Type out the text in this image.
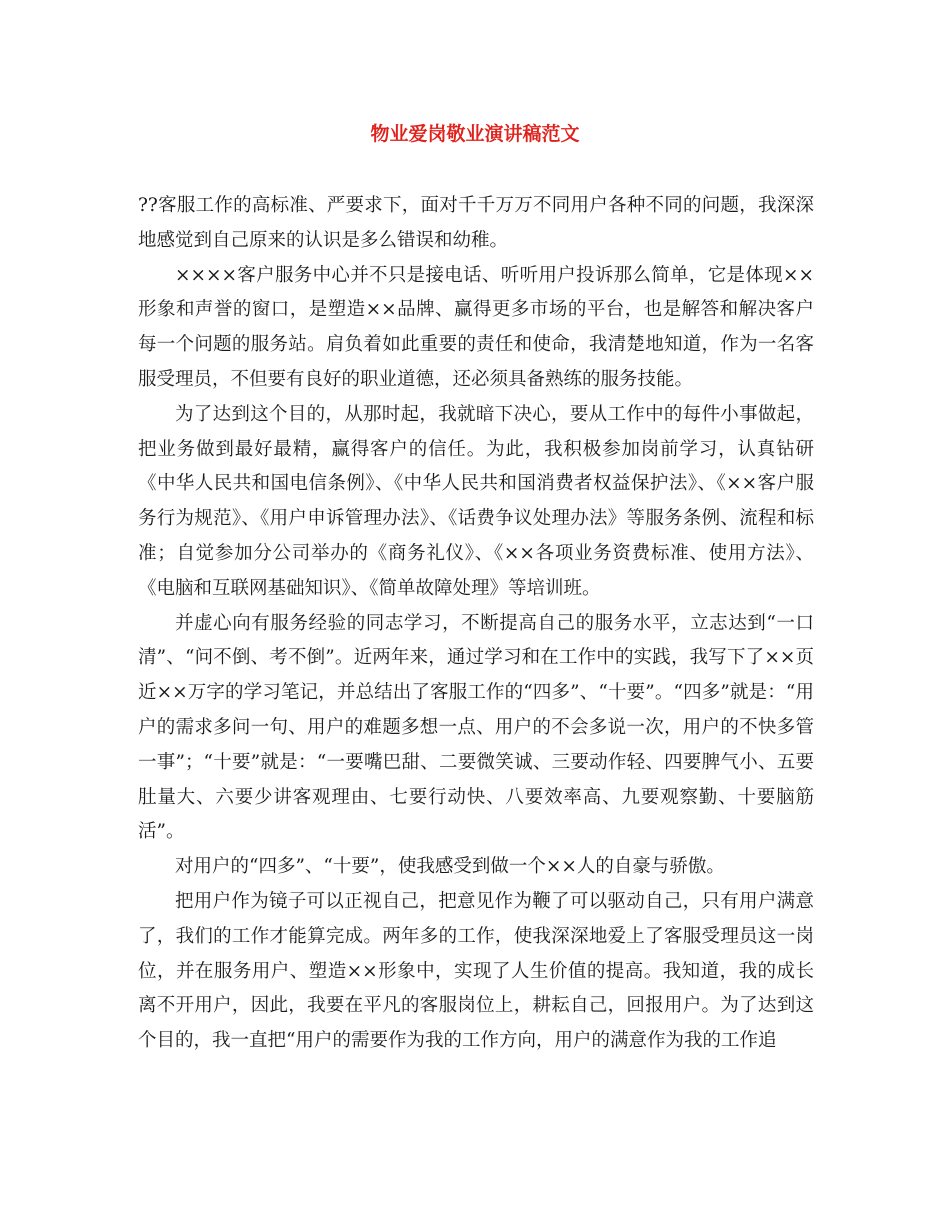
物业爱岗敬业演讲稿范文

??客服工作的高标准、严要求下，面对千千万万不同用户各种不同的问题，我深深地感觉到自己原来的认识是多么错误和幼稚。

××××客户服务中心并不只是接电话、听听用户投诉那么简单，它是体现××形象和声誉的窗口，是塑造××品牌、赢得更多市场的平台，也是解答和解决客户每一个问题的服务站。肩负着如此重要的责任和使命，我清楚地知道，作为一名客服受理员，不但要有良好的职业道德，还必须具备熟练的服务技能。

为了达到这个目的，从那时起，我就暗下决心，要从工作中的每件小事做起，把业务做到最好最精，赢得客户的信任。为此，我积极参加岗前学习，认真钻研《中华人民共和国电信条例》、《中华人民共和国消费者权益保护法》、《××客户服务行为规范》、《用户申诉管理办法》、《话费争议处理办法》等服务条例、流程和标准；自觉参加分公司举办的《商务礼仪》、《××各项业务资费标准、使用方法》、《电脑和互联网基础知识》、《简单故障处理》等培训班。

并虚心向有服务经验的同志学习，不断提高自己的服务水平，立志达到“一口清”、“问不倒、考不倒”。近两年来，通过学习和在工作中的实践，我写下了××页近××万字的学习笔记，并总结出了客服工作的“四多”、“十要”。“四多”就是：“用户的需求多问一句、用户的难题多想一点、用户的不会多说一次，用户的不快多管一事”；“十要”就是：“一要嘴巴甜、二要微笑诚、三要动作轻、四要脾气小、五要肚量大、六要少讲客观理由、七要行动快、八要效率高、九要观察勤、十要脑筋活”。

对用户的“四多”、“十要”，使我感受到做一个××人的自豪与骄傲。

把用户作为镜子可以正视自己，把意见作为鞭了可以驱动自己，只有用户满意了，我们的工作才能算完成。两年多的工作，使我深深地爱上了客服受理员这一岗位，并在服务用户、塑造××形象中，实现了人生价值的提高。我知道，我的成长离不开用户，因此，我要在平凡的客服岗位上，耕耘自己，回报用户。为了达到这个目的，我一直把“用户的需要作为我的工作方向，用户的满意作为我的工作追
